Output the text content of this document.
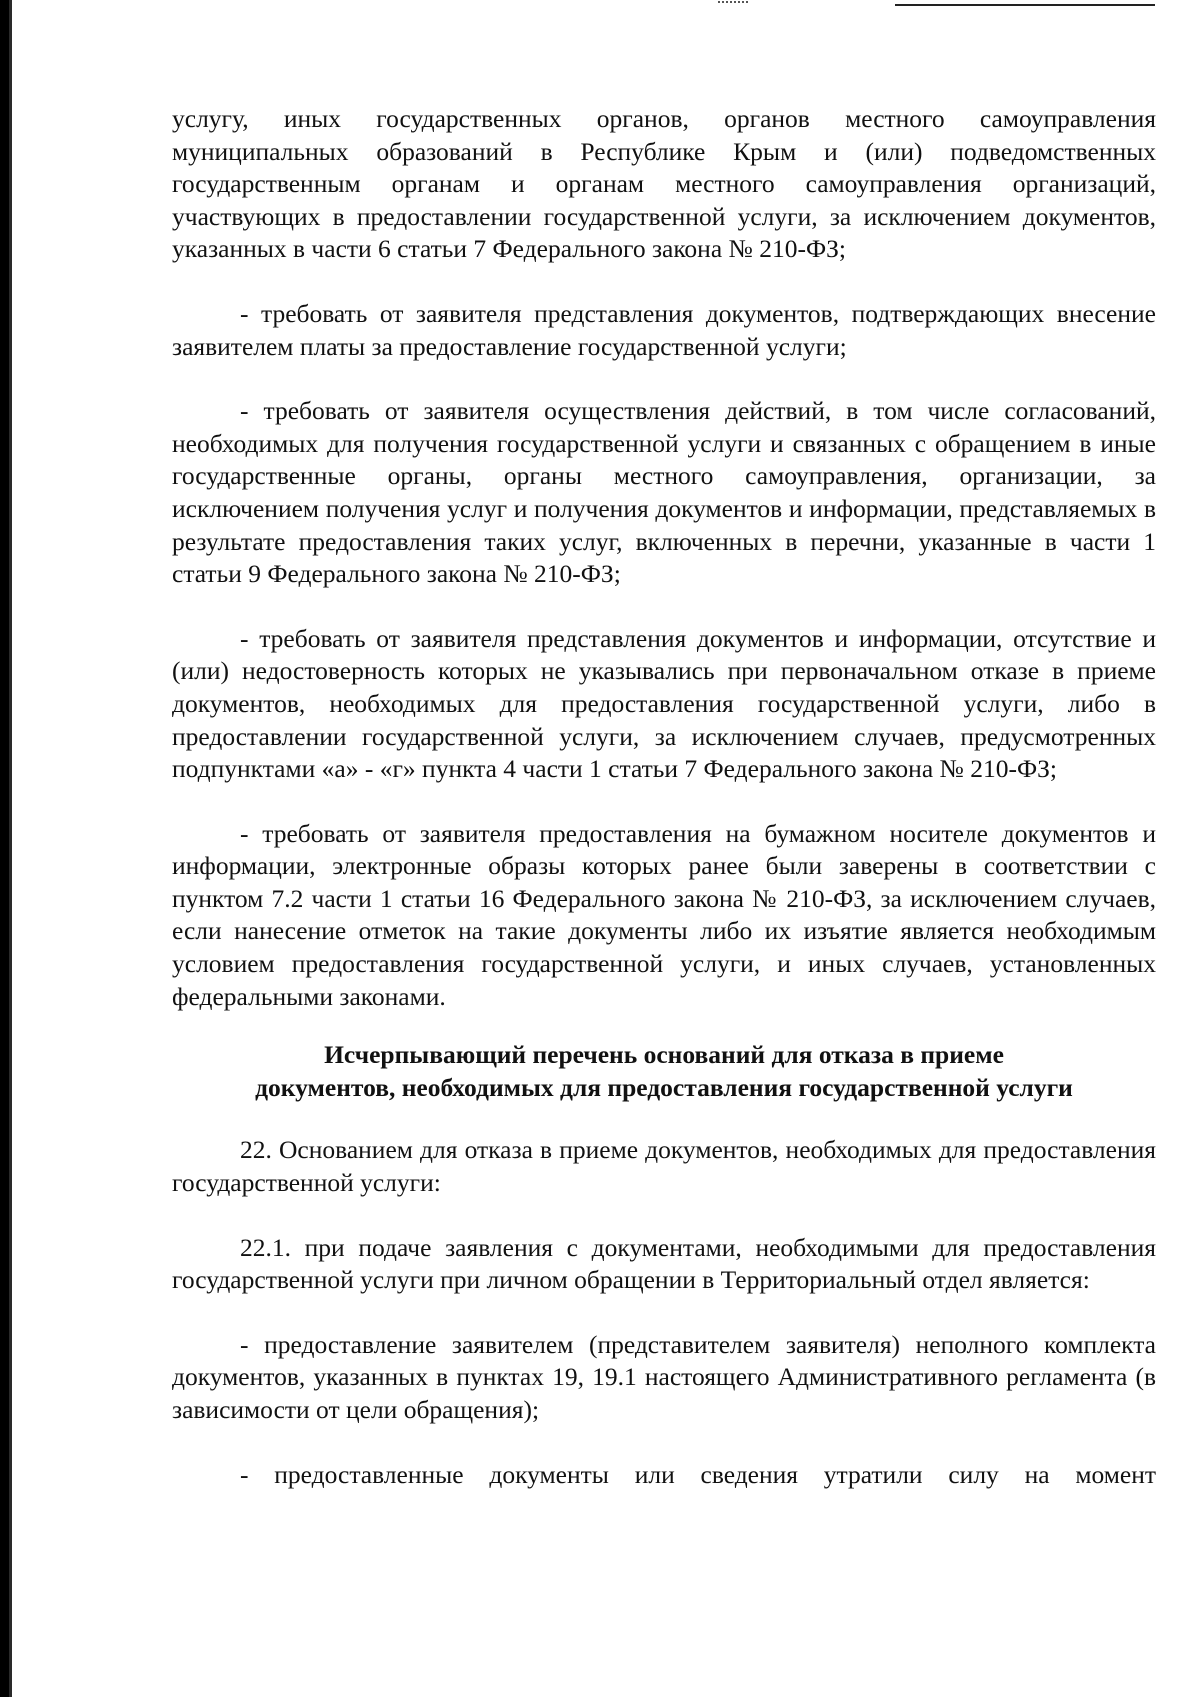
услугу, иных государственных органов, органов местного самоуправления муниципальных образований в Республике Крым и (или) подведомственных государственным органам и органам местного самоуправления организаций, участвующих в предоставлении государственной услуги, за исключением документов, указанных в части 6 статьи 7 Федерального закона № 210-ФЗ;

- требовать от заявителя представления документов, подтверждающих внесение заявителем платы за предоставление государственной услуги;

- требовать от заявителя осуществления действий, в том числе согласований, необходимых для получения государственной услуги и связанных с обращением в иные государственные органы, органы местного самоуправления, организации, за исключением получения услуг и получения документов и информации, представляемых в результате предоставления таких услуг, включенных в перечни, указанные в части 1 статьи 9 Федерального закона № 210-ФЗ;

- требовать от заявителя представления документов и информации, отсутствие и (или) недостоверность которых не указывались при первоначальном отказе в приеме документов, необходимых для предоставления государственной услуги, либо в предоставлении государственной услуги, за исключением случаев, предусмотренных подпунктами «а» - «г» пункта 4 части 1 статьи 7 Федерального закона № 210-ФЗ;

- требовать от заявителя предоставления на бумажном носителе документов и информации, электронные образы которых ранее были заверены в соответствии с пунктом 7.2 части 1 статьи 16 Федерального закона № 210-ФЗ, за исключением случаев, если нанесение отметок на такие документы либо их изъятие является необходимым условием предоставления государственной услуги, и иных случаев, установленных федеральными законами.

Исчерпывающий перечень оснований для отказа в приеме
документов, необходимых для предоставления государственной услуги

22. Основанием для отказа в приеме документов, необходимых для предоставления государственной услуги:

22.1. при подаче заявления с документами, необходимыми для предоставления государственной услуги при личном обращении в Территориальный отдел является:

- предоставление заявителем (представителем заявителя) неполного комплекта документов, указанных в пунктах 19, 19.1 настоящего Административного регламента (в зависимости от цели обращения);

- предоставленные документы или сведения утратили силу на момент
